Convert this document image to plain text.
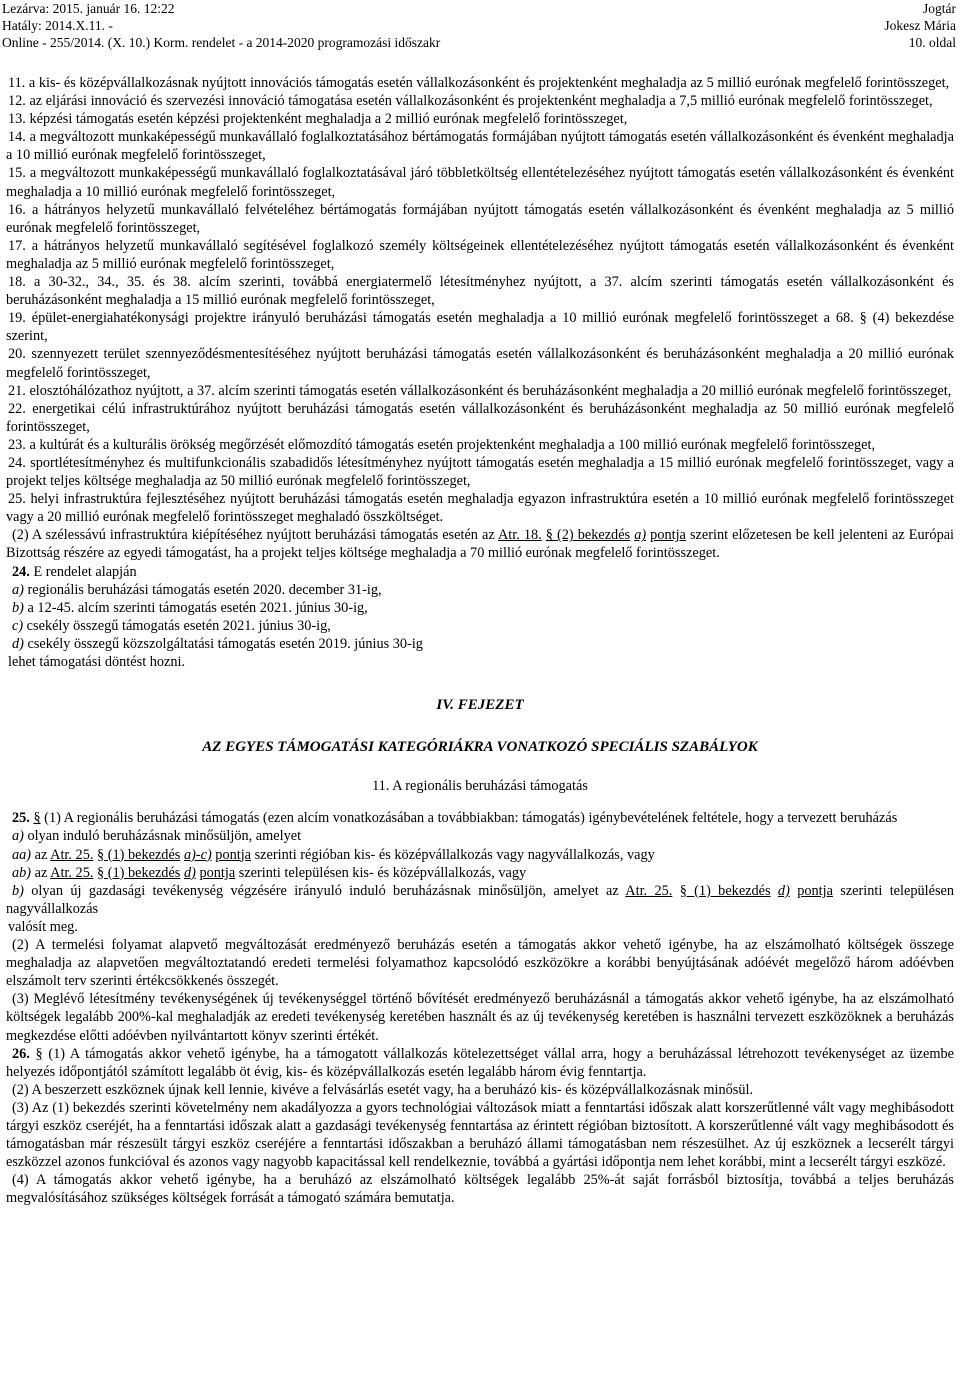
Lezárva: 2015. január 16. 12:22
Hatály: 2014.X.11. -
Online - 255/2014. (X. 10.) Korm. rendelet - a 2014-2020 programozási időszakr
Jogtár
Jokesz Mária
10. oldal

11. a kis- és középvállalkozásnak nyújtott innovációs támogatás esetén vállalkozásonként és projektenként meghaladja az 5 millió eurónak megfelelő forintösszeget,

12. az eljárási innováció és szervezési innováció támogatása esetén vállalkozásonként és projektenként meghaladja a 7,5 millió eurónak megfelelő forintösszeget,

13. képzési támogatás esetén képzési projektenként meghaladja a 2 millió eurónak megfelelő forintösszeget,

14. a megváltozott munkaképességű munkavállaló foglalkoztatásához bértámogatás formájában nyújtott támogatás esetén vállalkozásonként és évenként meghaladja a 10 millió eurónak megfelelő forintösszeget,

15. a megváltozott munkaképességű munkavállaló foglalkoztatásával járó többletköltség ellentételezéséhez nyújtott támogatás esetén vállalkozásonként és évenként meghaladja a 10 millió eurónak megfelelő forintösszeget,

16. a hátrányos helyzetű munkavállaló felvételéhez bértámogatás formájában nyújtott támogatás esetén vállalkozásonként és évenként meghaladja az 5 millió eurónak megfelelő forintösszeget,

17. a hátrányos helyzetű munkavállaló segítésével foglalkozó személy költségeinek ellentételezéséhez nyújtott támogatás esetén vállalkozásonként és évenként meghaladja az 5 millió eurónak megfelelő forintösszeget,

18. a 30-32., 34., 35. és 38. alcím szerinti, továbbá energiatermelő létesítményhez nyújtott, a 37. alcím szerinti támogatás esetén vállalkozásonként és beruházásonként meghaladja a 15 millió eurónak megfelelő forintösszeget,

19. épület-energiahatékonysági projektre irányuló beruházási támogatás esetén meghaladja a 10 millió eurónak megfelelő forintösszeget a 68. § (4) bekezdése szerint,

20. szennyezett terület szennyeződésmentesítéséhez nyújtott beruházási támogatás esetén vállalkozásonként és beruházásonként meghaladja a 20 millió eurónak megfelelő forintösszeget,

21. elosztóhálózathoz nyújtott, a 37. alcím szerinti támogatás esetén vállalkozásonként és beruházásonként meghaladja a 20 millió eurónak megfelelő forintösszeget,

22. energetikai célú infrastruktúrához nyújtott beruházási támogatás esetén vállalkozásonként és beruházásonként meghaladja az 50 millió eurónak megfelelő forintösszeget,

23. a kultúrát és a kulturális örökség megőrzését előmozdító támogatás esetén projektenként meghaladja a 100 millió eurónak megfelelő forintösszeget,

24. sportlétesítményhez és multifunkcionális szabadidős létesítményhez nyújtott támogatás esetén meghaladja a 15 millió eurónak megfelelő forintösszeget, vagy a projekt teljes költsége meghaladja az 50 millió eurónak megfelelő forintösszeget,

25. helyi infrastruktúra fejlesztéséhez nyújtott beruházási támogatás esetén meghaladja egyazon infrastruktúra esetén a 10 millió eurónak megfelelő forintösszeget vagy a 20 millió eurónak megfelelő forintösszeget meghaladó összköltséget.

(2) A szélessávú infrastruktúra kiépítéséhez nyújtott beruházási támogatás esetén az Atr. 18. § (2) bekezdés a) pontja szerint előzetesen be kell jelenteni az Európai Bizottság részére az egyedi támogatást, ha a projekt teljes költsége meghaladja a 70 millió eurónak megfelelő forintösszeget.

24. E rendelet alapján

a) regionális beruházási támogatás esetén 2020. december 31-ig,

b) a 12-45. alcím szerinti támogatás esetén 2021. június 30-ig,

c) csekély összegű támogatás esetén 2021. június 30-ig,

d) csekély összegű közszolgáltatási támogatás esetén 2019. június 30-ig

lehet támogatási döntést hozni.

IV. FEJEZET
AZ EGYES TÁMOGATÁSI KATEGÓRIÁKRA VONATKOZÓ SPECIÁLIS SZABÁLYOK
11. A regionális beruházási támogatás

25. § (1) A regionális beruházási támogatás (ezen alcím vonatkozásában a továbbiakban: támogatás) igénybevételének feltétele, hogy a tervezett beruházás

a) olyan induló beruházásnak minősüljön, amelyet

aa) az Atr. 25. § (1) bekezdés a)-c) pontja szerinti régióban kis- és középvállalkozás vagy nagyvállalkozás, vagy

ab) az Atr. 25. § (1) bekezdés d) pontja szerinti településen kis- és középvállalkozás, vagy

b) olyan új gazdasági tevékenység végzésére irányuló induló beruházásnak minősüljön, amelyet az Atr. 25. § (1) bekezdés d) pontja szerinti településen nagyvállalkozás

valósít meg.

(2) A termelési folyamat alapvető megváltozását eredményező beruházás esetén a támogatás akkor vehető igénybe, ha az elszámolható költségek összege meghaladja az alapvetően megváltoztatandó eredeti termelési folyamathoz kapcsolódó eszközökre a korábbi benyújtásának adóévét megelőző három adóévben elszámolt terv szerinti értékcsökkenés összegét.

(3) Meglévő létesítmény tevékenységének új tevékenységgel történő bővítését eredményező beruházásnál a támogatás akkor vehető igénybe, ha az elszámolható költségek legalább 200%-kal meghaladják az eredeti tevékenység keretében használt és az új tevékenység keretében is használni tervezett eszközöknek a beruházás megkezdése előtti adóévben nyilvántartott könyv szerinti értékét.

26. § (1) A támogatás akkor vehető igénybe, ha a támogatott vállalkozás kötelezettséget vállal arra, hogy a beruházással létrehozott tevékenységet az üzembe helyezés időpontjától számított legalább öt évig, kis- és középvállalkozás esetén legalább három évig fenntartja.

(2) A beszerzett eszköznek újnak kell lennie, kivéve a felvásárlás esetét vagy, ha a beruházó kis- és középvállalkozásnak minősül.

(3) Az (1) bekezdés szerinti követelmény nem akadályozza a gyors technológiai változások miatt a fenntartási időszak alatt korszerűtlenné vált vagy meghibásodott tárgyi eszköz cseréjét, ha a fenntartási időszak alatt a gazdasági tevékenység fenntartása az érintett régióban biztosított. A korszerűtlenné vált vagy meghibásodott és támogatásban már részesült tárgyi eszköz cseréjére a fenntartási időszakban a beruházó állami támogatásban nem részesülhet. Az új eszköznek a lecserélt tárgyi eszközzel azonos funkcióval és azonos vagy nagyobb kapacitással kell rendelkeznie, továbbá a gyártási időpontja nem lehet korábbi, mint a lecserélt tárgyi eszközé.

(4) A támogatás akkor vehető igénybe, ha a beruházó az elszámolható költségek legalább 25%-át saját forrásból biztosítja, továbbá a teljes beruházás megvalósításához szükséges költségek forrását a támogató számára bemutatja.
